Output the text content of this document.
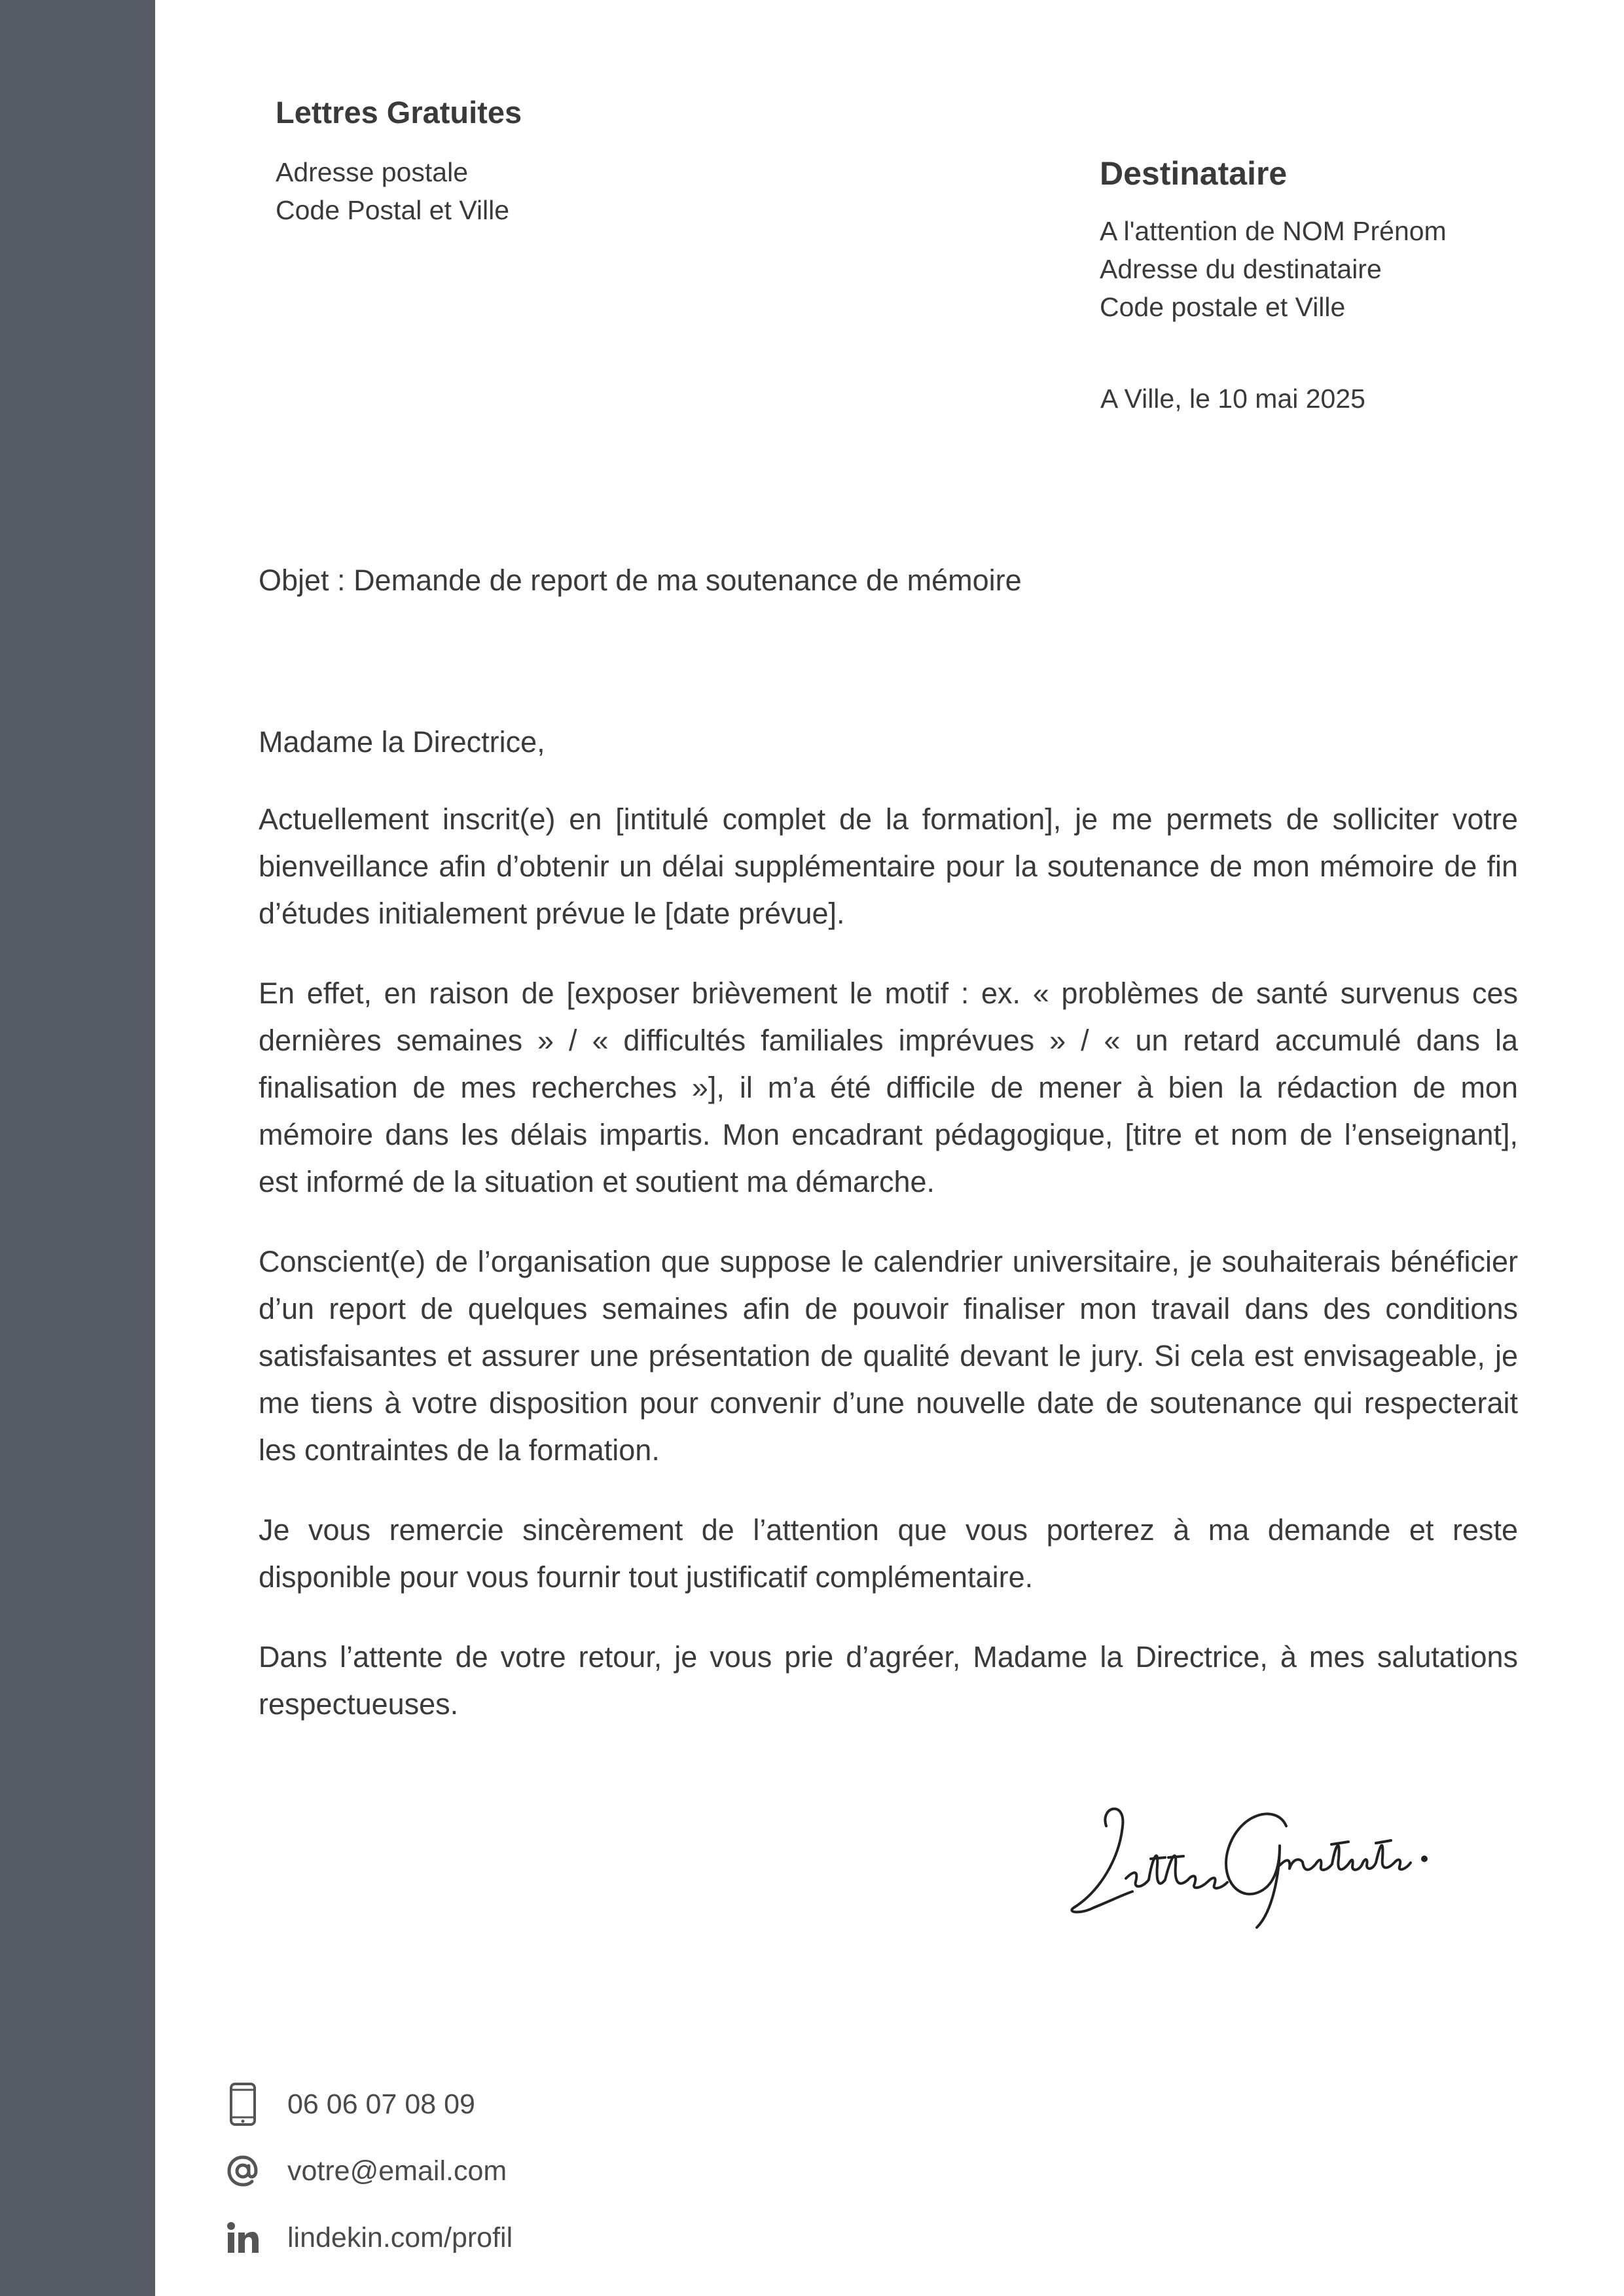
Lettres Gratuites
Adresse postale
Code Postal et Ville
Destinataire
A l'attention de NOM Prénom
Adresse du destinataire
Code postale et Ville
A Ville, le 10 mai 2025
Objet : Demande de report de ma soutenance de mémoire

Madame la Directrice,

Actuellement inscrit(e) en [intitulé complet de la formation], je me permets de solliciter votre bienveillance afin d’obtenir un délai supplémentaire pour la soutenance de mon mémoire de fin d’études initialement prévue le [date prévue].

En effet, en raison de [exposer brièvement le motif : ex. « problèmes de santé survenus ces dernières semaines » / « difficultés familiales imprévues » / « un retard accumulé dans la finalisation de mes recherches »], il m’a été difficile de mener à bien la rédaction de mon mémoire dans les délais impartis. Mon encadrant pédagogique, [titre et nom de l’enseignant], est informé de la situation et soutient ma démarche.

Conscient(e) de l’organisation que suppose le calendrier universitaire, je souhaiterais bénéficier d’un report de quelques semaines afin de pouvoir finaliser mon travail dans des conditions satisfaisantes et assurer une présentation de qualité devant le jury. Si cela est envisageable, je me tiens à votre disposition pour convenir d’une nouvelle date de soutenance qui respecterait les contraintes de la formation.

Je vous remercie sincèrement de l’attention que vous porterez à ma demande et reste disponible pour vous fournir tout justificatif complémentaire.

Dans l’attente de votre retour, je vous prie d’agréer, Madame la Directrice, à mes salutations respectueuses.

06 06 07 08 09
votre@email.com
lindekin.com/profil
